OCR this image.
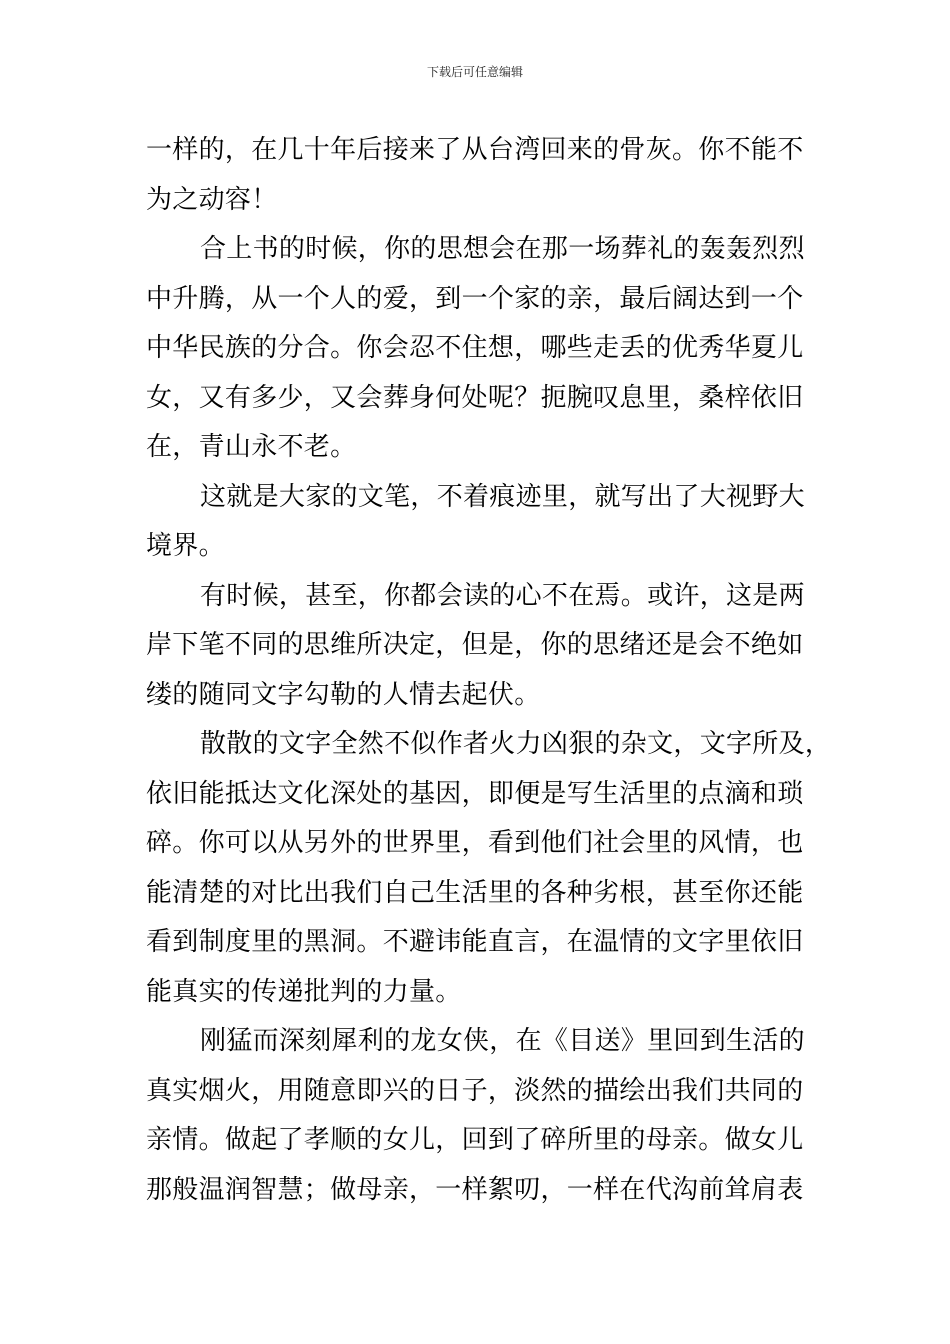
下载后可任意编辑
一样的，在几十年后接来了从台湾回来的骨灰。你不能不
为之动容！
合上书的时候，你的思想会在那一场葬礼的轰轰烈烈
中升腾，从一个人的爱，到一个家的亲，最后阔达到一个
中华民族的分合。你会忍不住想，哪些走丢的优秀华夏儿
女，又有多少，又会葬身何处呢？扼腕叹息里，桑梓依旧
在，青山永不老。
这就是大家的文笔，不着痕迹里，就写出了大视野大
境界。
有时候，甚至，你都会读的心不在焉。或许，这是两
岸下笔不同的思维所决定，但是，你的思绪还是会不绝如
缕的随同文字勾勒的人情去起伏。
散散的文字全然不似作者火力凶狠的杂文，文字所及，
依旧能抵达文化深处的基因，即便是写生活里的点滴和琐
碎。你可以从另外的世界里，看到他们社会里的风情，也
能清楚的对比出我们自己生活里的各种劣根，甚至你还能
看到制度里的黑洞。不避讳能直言，在温情的文字里依旧
能真实的传递批判的力量。
刚猛而深刻犀利的龙女侠，在《目送》里回到生活的
真实烟火，用随意即兴的日子，淡然的描绘出我们共同的
亲情。做起了孝顺的女儿，回到了碎所里的母亲。做女儿
那般温润智慧；做母亲，一样絮叨，一样在代沟前耸肩表
